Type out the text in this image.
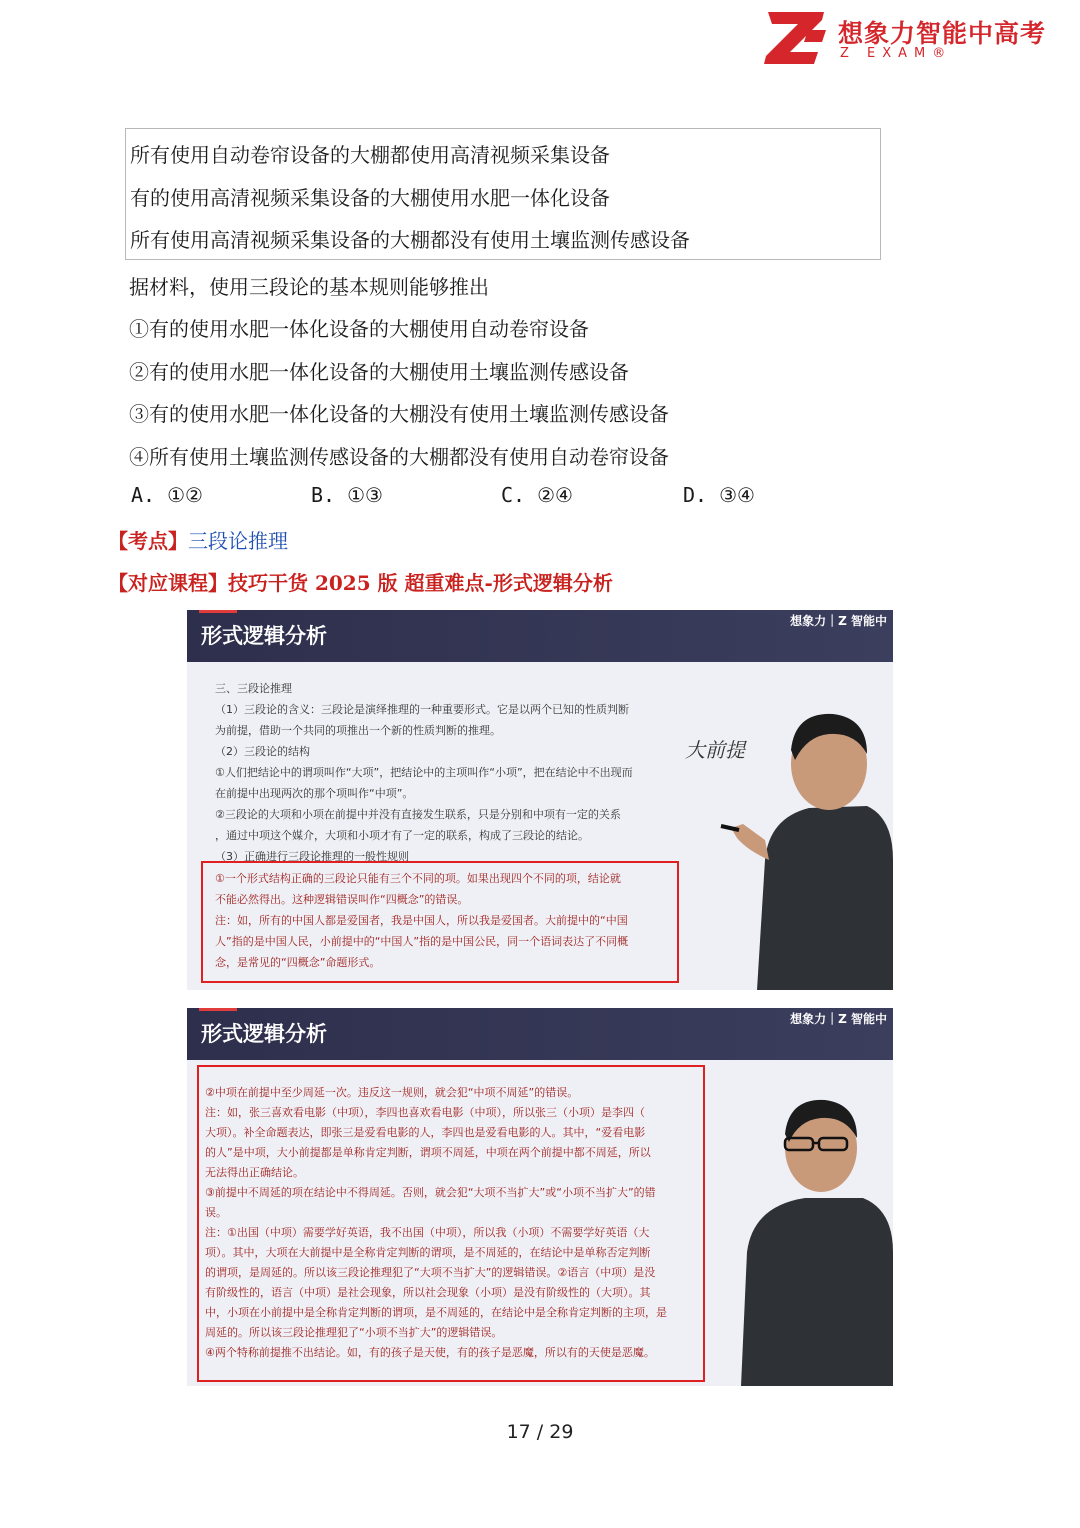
想象力智能中高考
Z EXAM®
所有使用自动卷帘设备的大棚都使用高清视频采集设备
有的使用高清视频采集设备的大棚使用水肥一体化设备
所有使用高清视频采集设备的大棚都没有使用土壤监测传感设备
据材料，使用三段论的基本规则能够推出
①有的使用水肥一体化设备的大棚使用自动卷帘设备
②有的使用水肥一体化设备的大棚使用土壤监测传感设备
③有的使用水肥一体化设备的大棚没有使用土壤监测传感设备
④所有使用土壤监测传感设备的大棚都没有使用自动卷帘设备
A. ①②	B. ①③	C. ②④	D. ③④
【考点】三段论推理
【对应课程】技巧干货 2025 版 超重难点-形式逻辑分析
形式逻辑分析
想象力｜Z 智能中
三、三段论推理
（1）三段论的含义：三段论是演绎推理的一种重要形式。它是以两个已知的性质判断
为前提，借助一个共同的项推出一个新的性质判断的推理。
（2）三段论的结构
①人们把结论中的谓项叫作“大项”，把结论中的主项叫作“小项”，把在结论中不出现而
在前提中出现两次的那个项叫作“中项”。
②三段论的大项和小项在前提中并没有直接发生联系，只是分别和中项有一定的关系
，通过中项这个媒介，大项和小项才有了一定的联系，构成了三段论的结论。
（3）正确进行三段论推理的一般性规则
①一个形式结构正确的三段论只能有三个不同的项。如果出现四个不同的项，结论就
不能必然得出。这种逻辑错误叫作“四概念”的错误。
注：如，所有的中国人都是爱国者，我是中国人，所以我是爱国者。大前提中的“中国
人”指的是中国人民，小前提中的“中国人”指的是中国公民，同一个语词表达了不同概
念，是常见的“四概念”命题形式。
大前提
形式逻辑分析
想象力｜Z 智能中
②中项在前提中至少周延一次。违反这一规则，就会犯“中项不周延”的错误。
注：如，张三喜欢看电影（中项），李四也喜欢看电影（中项），所以张三（小项）是李四（
大项）。补全命题表达，即张三是爱看电影的人，李四也是爱看电影的人。其中，“爱看电影
的人”是中项，大小前提都是单称肯定判断，谓项不周延，中项在两个前提中都不周延，所以
无法得出正确结论。
③前提中不周延的项在结论中不得周延。否则，就会犯“大项不当扩大”或“小项不当扩大”的错
误。
注：①出国（中项）需要学好英语，我不出国（中项），所以我（小项）不需要学好英语（大
项）。其中，大项在大前提中是全称肯定判断的谓项，是不周延的，在结论中是单称否定判断
的谓项，是周延的。所以该三段论推理犯了“大项不当扩大”的逻辑错误。②语言（中项）是没
有阶级性的，语言（中项）是社会现象，所以社会现象（小项）是没有阶级性的（大项）。其
中，小项在小前提中是全称肯定判断的谓项，是不周延的，在结论中是全称肯定判断的主项，是
周延的。所以该三段论推理犯了“小项不当扩大”的逻辑错误。
④两个特称前提推不出结论。如，有的孩子是天使，有的孩子是恶魔，所以有的天使是恶魔。
17 / 29
